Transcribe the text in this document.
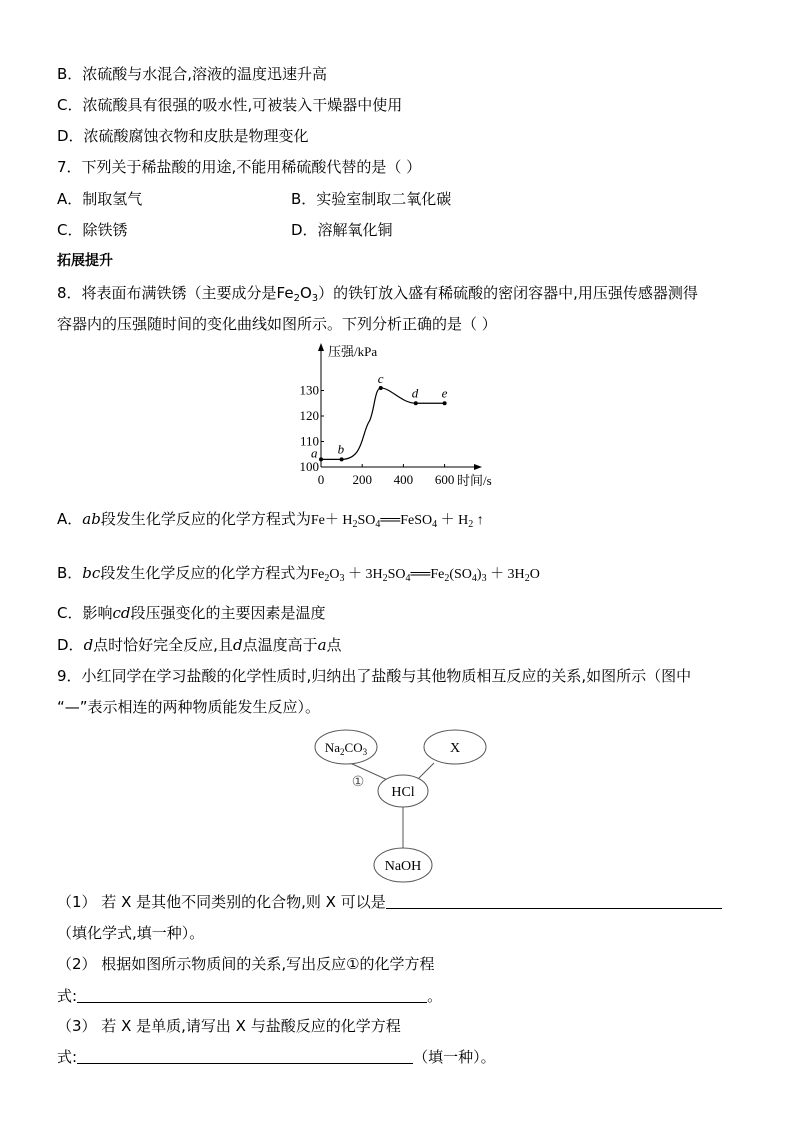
B．浓硫酸与水混合,溶液的温度迅速升高
C．浓硫酸具有很强的吸水性,可被装入干燥器中使用
D．浓硫酸腐蚀衣物和皮肤是物理变化
7．下列关于稀盐酸的用途,不能用稀硫酸代替的是（ ）
A．制取氢气	B．实验室制取二氧化碳
C．除铁锈	D．溶解氧化铜
拓展提升
8．将表面布满铁锈（主要成分是$Fe_2O_3$）的铁钉放入盛有稀硫酸的密闭容器中,用压强传感器测得
容器内的压强随时间的变化曲线如图所示。下列分析正确的是（ ）
压强/kPa
时间/s
100
110
120
130
0 200 400 600
a b
c
d e
A．ab段发生化学反应的化学方程式为$Fe+ H_2SO_4══FeSO_4 + H_2$ ↑
B．bc段发生化学反应的化学方程式为$Fe_2O_3$ ＋ $3H_2SO_4══Fe_2(SO_4)_3 + 3H_2O$
C．影响cd段压强变化的主要因素是温度
D．d点时恰好完全反应,且d点温度高于a点
9．小红同学在学习盐酸的化学性质时,归纳出了盐酸与其他物质相互反应的关系,如图所示（图中
“—”表示相连的两种物质能发生反应）。
$Na_2CO_3$	X
HCl
NaOH
①
（1） 若 X 是其他不同类别的化合物,则 X 可以是
（填化学式,填一种）。
（2） 根据如图所示物质间的关系,写出反应①的化学方程
式:	。
（3） 若 X 是单质,请写出 X 与盐酸反应的化学方程
式:	（填一种）。
